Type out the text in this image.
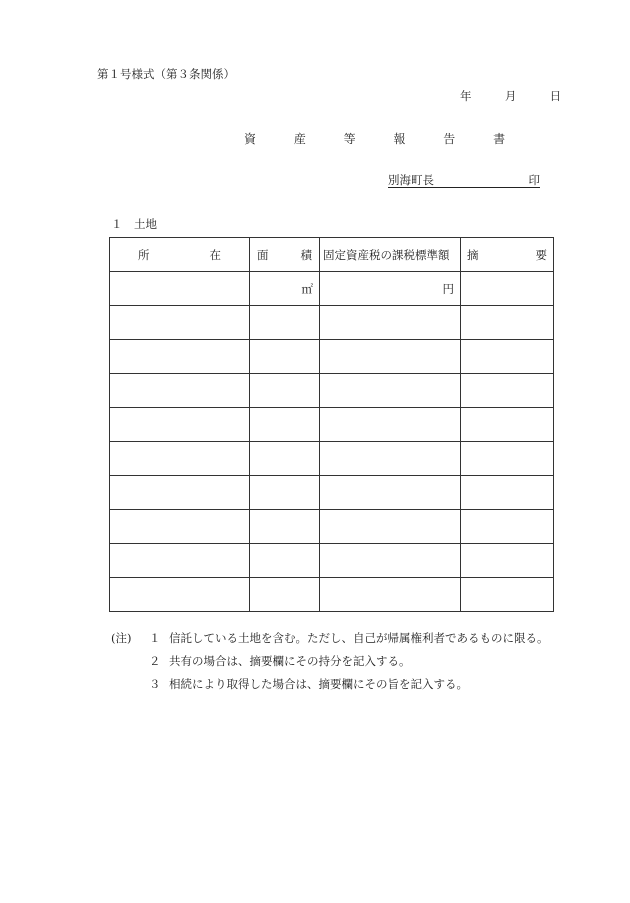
第１号様式（第３条関係）
年	月	日
資 産 等 報 告 書
別海町長	印
１　土地
所 在	面 積	固定資産税の課税標準額	摘 要

	㎡	円	

(注) １ 信託している土地を含む。ただし、自己が帰属権利者であるものに限る。
２ 共有の場合は、摘要欄にその持分を記入する。
３ 相続により取得した場合は、摘要欄にその旨を記入する。
